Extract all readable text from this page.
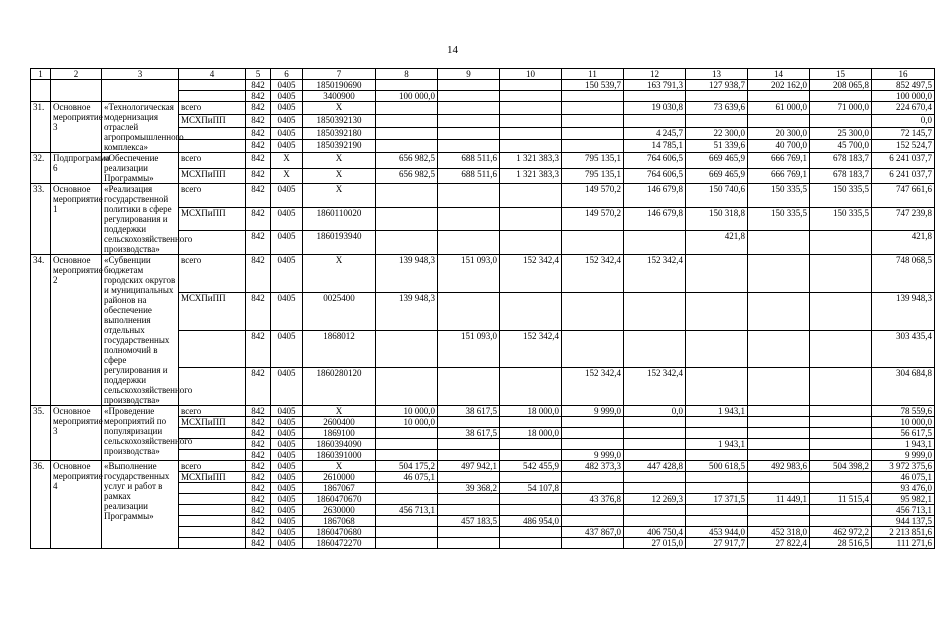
14
1	2	3	4	5	6	7	8	9	10	11	12	13	14	15	16
				842	0405	1850190690				150 539,7	163 791,3	127 938,7	202 162,0	208 065,8	852 497,5
				842	0405	3400900	100 000,0								100 000,0
31.	Основное мероприятие 3	«Технологическая модернизация отраслей агропромышленного комплекса»	всего	842	0405	Х					19 030,8	73 639,6	61 000,0	71 000,0	224 670,4
			МСХПиПП	842	0405	1850392130									0,0
				842	0405	1850392180					4 245,7	22 300,0	20 300,0	25 300,0	72 145,7
				842	0405	1850392190					14 785,1	51 339,6	40 700,0	45 700,0	152 524,7
32.	Подпрограмма 6	«Обеспечение реализации Программы»	всего	842	Х	Х	656 982,5	688 511,6	1 321 383,3	795 135,1	764 606,5	669 465,9	666 769,1	678 183,7	6 241 037,7
			МСХПиПП	842	Х	Х	656 982,5	688 511,6	1 321 383,3	795 135,1	764 606,5	669 465,9	666 769,1	678 183,7	6 241 037,7
33.	Основное мероприятие 1	«Реализация государственной политики в сфере регулирования и поддержки сельскохозяйственного производства»	всего	842	0405	Х				149 570,2	146 679,8	150 740,6	150 335,5	150 335,5	747 661,6
			МСХПиПП	842	0405	1860110020				149 570,2	146 679,8	150 318,8	150 335,5	150 335,5	747 239,8
				842	0405	1860193940						421,8			421,8
34.	Основное мероприятие 2	«Субвенции бюджетам городских округов и муниципальных районов на обеспечение выполнения отдельных государственных полномочий в сфере регулирования и поддержки сельскохозяйственного производства»	всего	842	0405	Х	139 948,3	151 093,0	152 342,4	152 342,4	152 342,4				748 068,5
			МСХПиПП	842	0405	0025400	139 948,3								139 948,3
				842	0405	1868012		151 093,0	152 342,4						303 435,4
				842	0405	1860280120				152 342,4	152 342,4				304 684,8
35.	Основное мероприятие 3	«Проведение мероприятий по популяризации сельскохозяйственного производства»	всего	842	0405	Х	10 000,0	38 617,5	18 000,0	9 999,0	0,0	1 943,1			78 559,6
			МСХПиПП	842	0405	2600400	10 000,0								10 000,0
				842	0405	1869100		38 617,5	18 000,0						56 617,5
				842	0405	1860394090						1 943,1			1 943,1
				842	0405	1860391000				9 999,0					9 999,0
36.	Основное мероприятие 4	«Выполнение государственных услуг и работ в рамках реализации Программы»	всего	842	0405	Х	504 175,2	497 942,1	542 455,9	482 373,3	447 428,8	500 618,5	492 983,6	504 398,2	3 972 375,6
			МСХПиПП	842	0405	2610000	46 075,1								46 075,1
				842	0405	1867067		39 368,2	54 107,8						93 476,0
				842	0405	1860470670				43 376,8	12 269,3	17 371,5	11 449,1	11 515,4	95 982,1
				842	0405	2630000	456 713,1								456 713,1
				842	0405	1867068		457 183,5	486 954,0						944 137,5
				842	0405	1860470680				437 867,0	406 750,4	453 944,0	452 318,0	462 972,2	2 213 851,6
				842	0405	1860472270					27 015,0	27 917,7	27 822,4	28 516,5	111 271,6
